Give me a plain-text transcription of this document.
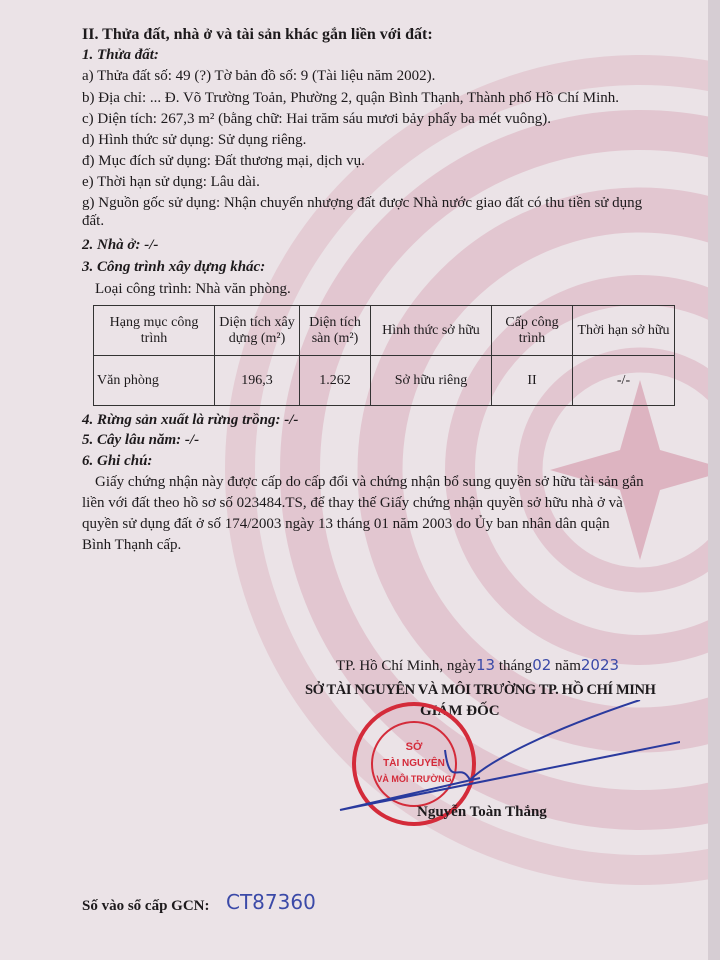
II. Thửa đất, nhà ở và tài sản khác gắn liền với đất:
1. Thửa đất:
a) Thửa đất số: 49 (?) Tờ bản đồ số: 9 (Tài liệu năm 2002).
b) Địa chỉ: ... Đ. Võ Trường Toản, Phường 2, quận Bình Thạnh, Thành phố Hồ Chí Minh.
c) Diện tích: 267,3 m² (bằng chữ: Hai trăm sáu mươi bảy phẩy ba mét vuông).
d) Hình thức sử dụng: Sử dụng riêng.
đ) Mục đích sử dụng: Đất thương mại, dịch vụ.
e) Thời hạn sử dụng: Lâu dài.
g) Nguồn gốc sử dụng: Nhận chuyển nhượng đất được Nhà nước giao đất có thu tiền sử dụng
đất.
2. Nhà ở: -/-
3. Công trình xây dựng khác:
Loại công trình: Nhà văn phòng.
Hạng mục công trình	Diện tích xây dựng (m²)	Diện tích sàn (m²)	Hình thức sở hữu	Cấp công trình	Thời hạn sở hữu
Văn phòng	196,3	1.262	Sở hữu riêng	II	-/-
4. Rừng sản xuất là rừng trồng: -/-
5. Cây lâu năm: -/-
6. Ghi chú:
Giấy chứng nhận này được cấp do cấp đổi và chứng nhận bổ sung quyền sở hữu tài sản gắn
liền với đất theo hồ sơ số 023484.TS, để thay thế Giấy chứng nhận quyền sở hữu nhà ở và
quyền sử dụng đất ở số 174/2003 ngày 13 tháng 01 năm 2003 do Ủy ban nhân dân quận
Bình Thạnh cấp.
TP. Hồ Chí Minh, ngày13 tháng02 năm2023
SỞ TÀI NGUYÊN VÀ MÔI TRƯỜNG TP. HỒ CHÍ MINH
GIÁM ĐỐC
SỞ
TÀI NGUYÊN
VÀ MÔI TRƯỜNG
Nguyễn Toàn Thắng
Số vào sổ cấp GCN: CT87360
